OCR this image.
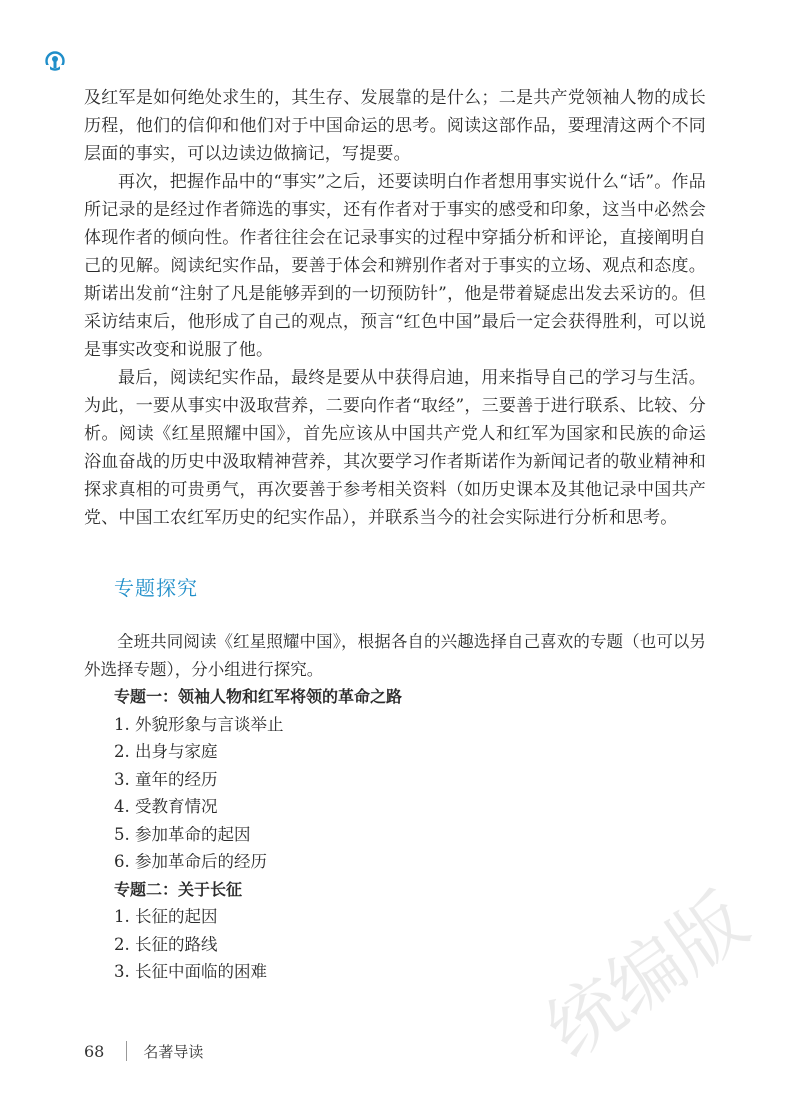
及红军是如何绝处求生的，其生存、发展靠的是什么；二是共产党领袖人物的成长历程，他们的信仰和他们对于中国命运的思考。阅读这部作品，要理清这两个不同层面的事实，可以边读边做摘记，写提要。

再次，把握作品中的“事实”之后，还要读明白作者想用事实说什么“话”。作品所记录的是经过作者筛选的事实，还有作者对于事实的感受和印象，这当中必然会体现作者的倾向性。作者往往会在记录事实的过程中穿插分析和评论，直接阐明自己的见解。阅读纪实作品，要善于体会和辨别作者对于事实的立场、观点和态度。斯诺出发前“注射了凡是能够弄到的一切预防针”，他是带着疑虑出发去采访的。但采访结束后，他形成了自己的观点，预言“红色中国”最后一定会获得胜利，可以说是事实改变和说服了他。

最后，阅读纪实作品，最终是要从中获得启迪，用来指导自己的学习与生活。为此，一要从事实中汲取营养，二要向作者“取经”，三要善于进行联系、比较、分析。阅读《红星照耀中国》，首先应该从中国共产党人和红军为国家和民族的命运浴血奋战的历史中汲取精神营养，其次要学习作者斯诺作为新闻记者的敬业精神和探求真相的可贵勇气，再次要善于参考相关资料（如历史课本及其他记录中国共产党、中国工农红军历史的纪实作品），并联系当今的社会实际进行分析和思考。

专题探究

全班共同阅读《红星照耀中国》，根据各自的兴趣选择自己喜欢的专题（也可以另外选择专题），分小组进行探究。

专题一：领袖人物和红军将领的革命之路
1. 外貌形象与言谈举止
2. 出身与家庭
3. 童年的经历
4. 受教育情况
5. 参加革命的起因
6. 参加革命后的经历
专题二：关于长征
1. 长征的起因
2. 长征的路线
3. 长征中面临的困难
68	名著导读	统编版
